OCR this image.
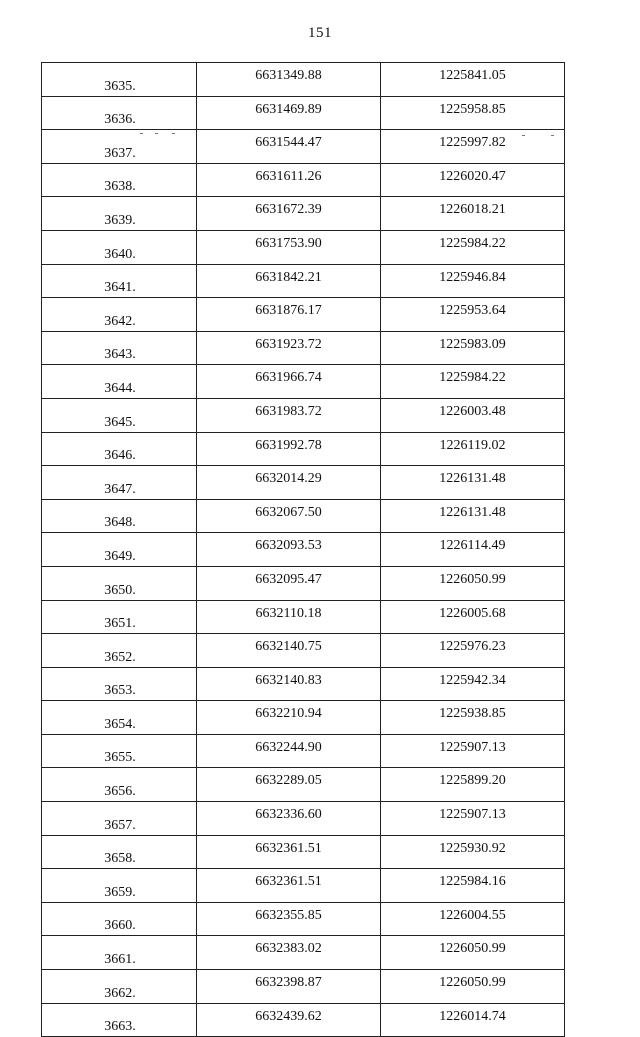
151
3635.	6631349.88	1225841.05
3636.	6631469.89	1225958.85
3637.	6631544.47	1225997.82
3638.	6631611.26	1226020.47
3639.	6631672.39	1226018.21
3640.	6631753.90	1225984.22
3641.	6631842.21	1225946.84
3642.	6631876.17	1225953.64
3643.	6631923.72	1225983.09
3644.	6631966.74	1225984.22
3645.	6631983.72	1226003.48
3646.	6631992.78	1226119.02
3647.	6632014.29	1226131.48
3648.	6632067.50	1226131.48
3649.	6632093.53	1226114.49
3650.	6632095.47	1226050.99
3651.	6632110.18	1226005.68
3652.	6632140.75	1225976.23
3653.	6632140.83	1225942.34
3654.	6632210.94	1225938.85
3655.	6632244.90	1225907.13
3656.	6632289.05	1225899.20
3657.	6632336.60	1225907.13
3658.	6632361.51	1225930.92
3659.	6632361.51	1225984.16
3660.	6632355.85	1226004.55
3661.	6632383.02	1226050.99
3662.	6632398.87	1226050.99
3663.	6632439.62	1226014.74
